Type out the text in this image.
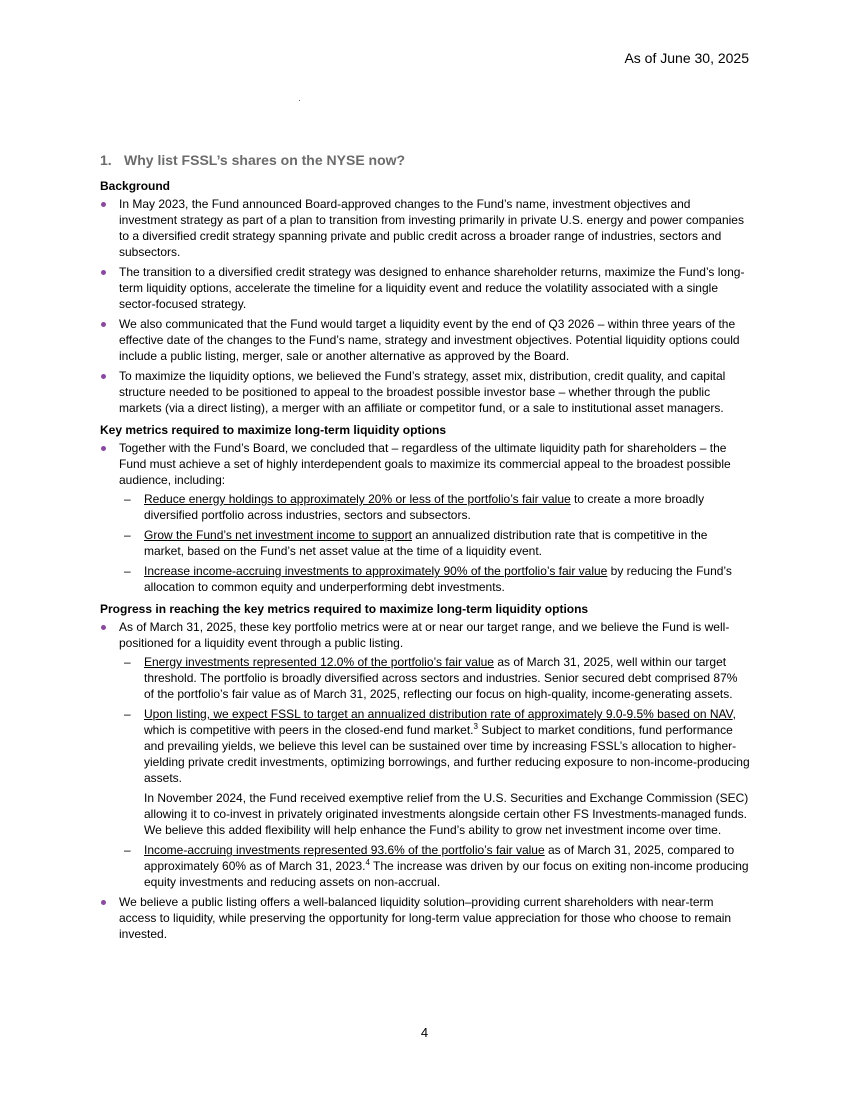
As of June 30, 2025
1. Why list FSSL’s shares on the NYSE now?
Background
In May 2023, the Fund announced Board-approved changes to the Fund’s name, investment objectives and investment strategy as part of a plan to transition from investing primarily in private U.S. energy and power companies to a diversified credit strategy spanning private and public credit across a broader range of industries, sectors and subsectors.
The transition to a diversified credit strategy was designed to enhance shareholder returns, maximize the Fund’s long-term liquidity options, accelerate the timeline for a liquidity event and reduce the volatility associated with a single sector-focused strategy.
We also communicated that the Fund would target a liquidity event by the end of Q3 2026 – within three years of the effective date of the changes to the Fund’s name, strategy and investment objectives. Potential liquidity options could include a public listing, merger, sale or another alternative as approved by the Board.
To maximize the liquidity options, we believed the Fund’s strategy, asset mix, distribution, credit quality, and capital structure needed to be positioned to appeal to the broadest possible investor base – whether through the public markets (via a direct listing), a merger with an affiliate or competitor fund, or a sale to institutional asset managers.
Key metrics required to maximize long-term liquidity options
Together with the Fund’s Board, we concluded that – regardless of the ultimate liquidity path for shareholders – the Fund must achieve a set of highly interdependent goals to maximize its commercial appeal to the broadest possible audience, including:
– Reduce energy holdings to approximately 20% or less of the portfolio’s fair value to create a more broadly diversified portfolio across industries, sectors and subsectors.
– Grow the Fund’s net investment income to support an annualized distribution rate that is competitive in the market, based on the Fund’s net asset value at the time of a liquidity event.
– Increase income-accruing investments to approximately 90% of the portfolio’s fair value by reducing the Fund’s allocation to common equity and underperforming debt investments.
Progress in reaching the key metrics required to maximize long-term liquidity options
As of March 31, 2025, these key portfolio metrics were at or near our target range, and we believe the Fund is well-positioned for a liquidity event through a public listing.
– Energy investments represented 12.0% of the portfolio’s fair value as of March 31, 2025, well within our target threshold. The portfolio is broadly diversified across sectors and industries. Senior secured debt comprised 87% of the portfolio’s fair value as of March 31, 2025, reflecting our focus on high-quality, income-generating assets.
– Upon listing, we expect FSSL to target an annualized distribution rate of approximately 9.0-9.5% based on NAV, which is competitive with peers in the closed-end fund market.$^3$ Subject to market conditions, fund performance and prevailing yields, we believe this level can be sustained over time by increasing FSSL’s allocation to higher-yielding private credit investments, optimizing borrowings, and further reducing exposure to non-income-producing assets.
In November 2024, the Fund received exemptive relief from the U.S. Securities and Exchange Commission (SEC) allowing it to co-invest in privately originated investments alongside certain other FS Investments-managed funds. We believe this added flexibility will help enhance the Fund’s ability to grow net investment income over time.
– Income-accruing investments represented 93.6% of the portfolio’s fair value as of March 31, 2025, compared to approximately 60% as of March 31, 2023.$^4$ The increase was driven by our focus on exiting non-income producing equity investments and reducing assets on non-accrual.
We believe a public listing offers a well-balanced liquidity solution–providing current shareholders with near-term access to liquidity, while preserving the opportunity for long-term value appreciation for those who choose to remain invested.
4
